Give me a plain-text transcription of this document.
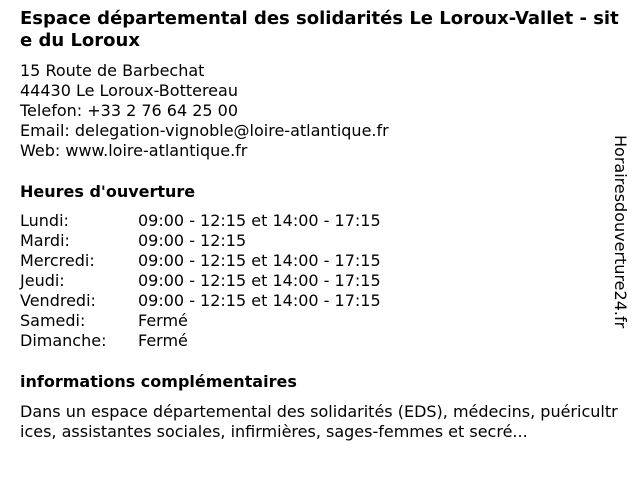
Espace départemental des solidarités Le Loroux-Vallet - site du Loroux
15 Route de Barbechat
44430 Le Loroux-Bottereau
Telefon: +33 2 76 64 25 00
Email: delegation-vignoble@loire-atlantique.fr
Web: www.loire-atlantique.fr
Heures d'ouverture
Lundi:	09:00 - 12:15 et 14:00 - 17:15
Mardi:	09:00 - 12:15
Mercredi:	09:00 - 12:15 et 14:00 - 17:15
Jeudi:	09:00 - 12:15 et 14:00 - 17:15
Vendredi:	09:00 - 12:15 et 14:00 - 17:15
Samedi:	Fermé
Dimanche:	Fermé
informations complémentaires
Dans un espace départemental des solidarités (EDS), médecins, puéricultrices, assistantes sociales, infirmières, sages-femmes et secré...
Horairesdouverture24.fr
